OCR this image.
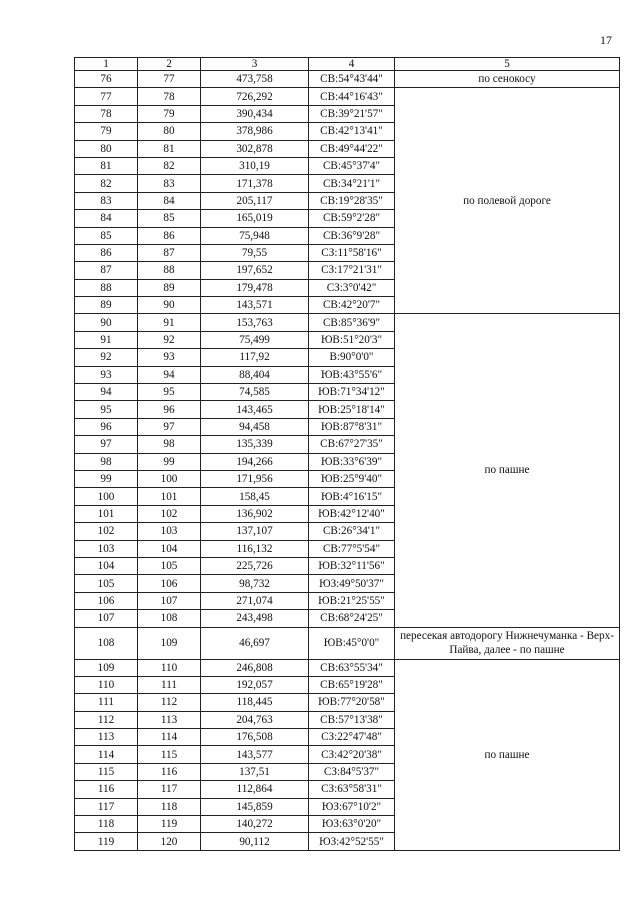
17
1	2	3	4	5
76	77	473,758	СВ:54°43'44"	по сенокосу
77	78	726,292	СВ:44°16'43"	по полевой дороге
78	79	390,434	СВ:39°21'57"	
79	80	378,986	СВ:42°13'41"	
80	81	302,878	СВ:49°44'22"	
81	82	310,19	СВ:45°37'4"	
82	83	171,378	СВ:34°21'1"	
83	84	205,117	СВ:19°28'35"	
84	85	165,019	СВ:59°2'28"	
85	86	75,948	СВ:36°9'28"	
86	87	79,55	СЗ:11°58'16"	
87	88	197,652	СЗ:17°21'31"	
88	89	179,478	СЗ:3°0'42"	
89	90	143,571	СВ:42°20'7"	
90	91	153,763	СВ:85°36'9"	по пашне
91	92	75,499	ЮВ:51°20'3"	
92	93	117,92	В:90°0'0"	
93	94	88,404	ЮВ:43°55'6"	
94	95	74,585	ЮВ:71°34'12"	
95	96	143,465	ЮВ:25°18'14"	
96	97	94,458	ЮВ:87°8'31"	
97	98	135,339	СВ:67°27'35"	
98	99	194,266	ЮВ:33°6'39"	
99	100	171,956	ЮВ:25°9'40"	
100	101	158,45	ЮВ:4°16'15"	
101	102	136,902	ЮВ:42°12'40"	
102	103	137,107	СВ:26°34'1"	
103	104	116,132	СВ:77°5'54"	
104	105	225,726	ЮВ:32°11'56"	
105	106	98,732	ЮЗ:49°50'37"	
106	107	271,074	ЮВ:21°25'55"	
107	108	243,498	СВ:68°24'25"	
108	109	46,697	ЮВ:45°0'0"	пересекая автодорогу Нижнечуманка - Верх-Пайва, далее - по пашне
109	110	246,808	СВ:63°55'34"	по пашне
110	111	192,057	СВ:65°19'28"	
111	112	118,445	ЮВ:77°20'58"	
112	113	204,763	СВ:57°13'38"	
113	114	176,508	СЗ:22°47'48"	
114	115	143,577	СЗ:42°20'38"	
115	116	137,51	СЗ:84°5'37"	
116	117	112,864	СЗ:63°58'31"	
117	118	145,859	ЮЗ:67°10'2"	
118	119	140,272	ЮЗ:63°0'20"	
119	120	90,112	ЮЗ:42°52'55"	
